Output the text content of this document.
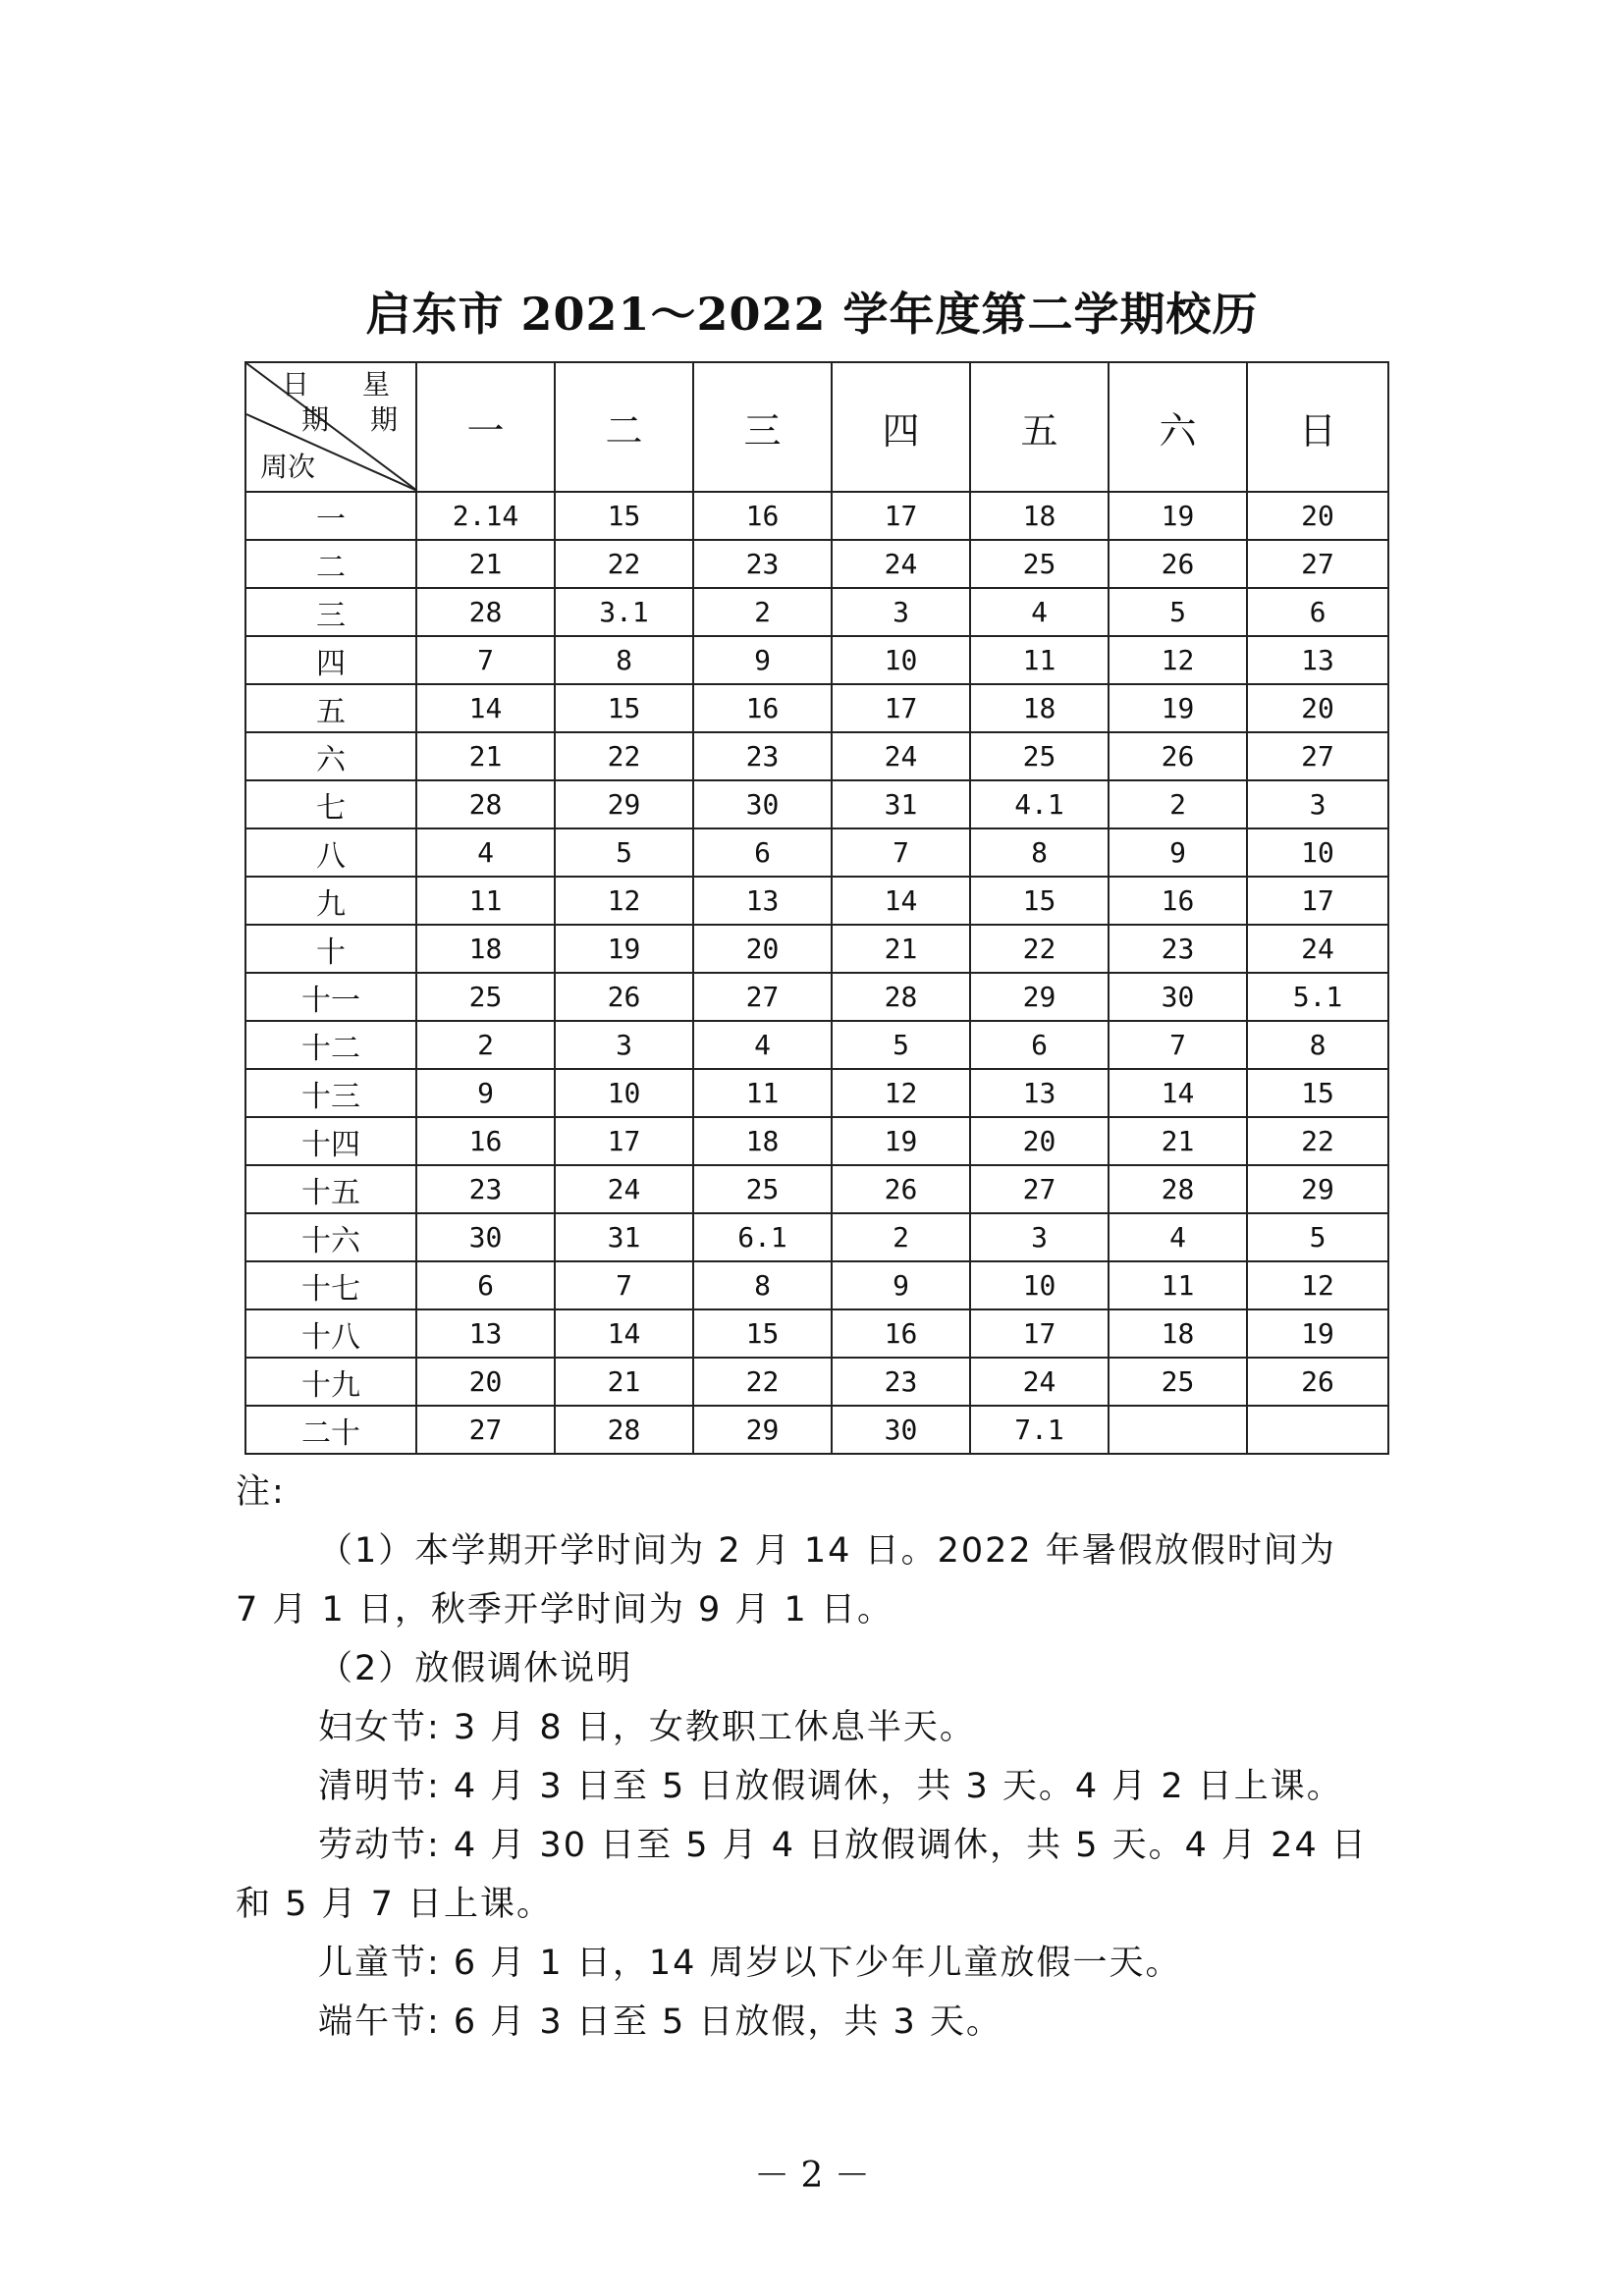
启东市 2021～2022 学年度第二学期校历
日 星
期 期
周次	一	二	三	四	五	六	日
一	2.14	15	16	17	18	19	20
二	21	22	23	24	25	26	27
三	28	3.1	2	3	4	5	6
四	7	8	9	10	11	12	13
五	14	15	16	17	18	19	20
六	21	22	23	24	25	26	27
七	28	29	30	31	4.1	2	3
八	4	5	6	7	8	9	10
九	11	12	13	14	15	16	17
十	18	19	20	21	22	23	24
十一	25	26	27	28	29	30	5.1
十二	2	3	4	5	6	7	8
十三	9	10	11	12	13	14	15
十四	16	17	18	19	20	21	22
十五	23	24	25	26	27	28	29
十六	30	31	6.1	2	3	4	5
十七	6	7	8	9	10	11	12
十八	13	14	15	16	17	18	19
十九	20	21	22	23	24	25	26
二十	27	28	29	30	7.1		

注:

（1）本学期开学时间为 2 月 14 日。2022 年暑假放假时间为

7 月 1 日，秋季开学时间为 9 月 1 日。

（2）放假调休说明

妇女节: 3 月 8 日，女教职工休息半天。

清明节: 4 月 3 日至 5 日放假调休，共 3 天。4 月 2 日上课。

劳动节: 4 月 30 日至 5 月 4 日放假调休，共 5 天。4 月 24 日

和 5 月 7 日上课。

儿童节: 6 月 1 日，14 周岁以下少年儿童放假一天。

端午节: 6 月 3 日至 5 日放假，共 3 天。

－ 2 －
